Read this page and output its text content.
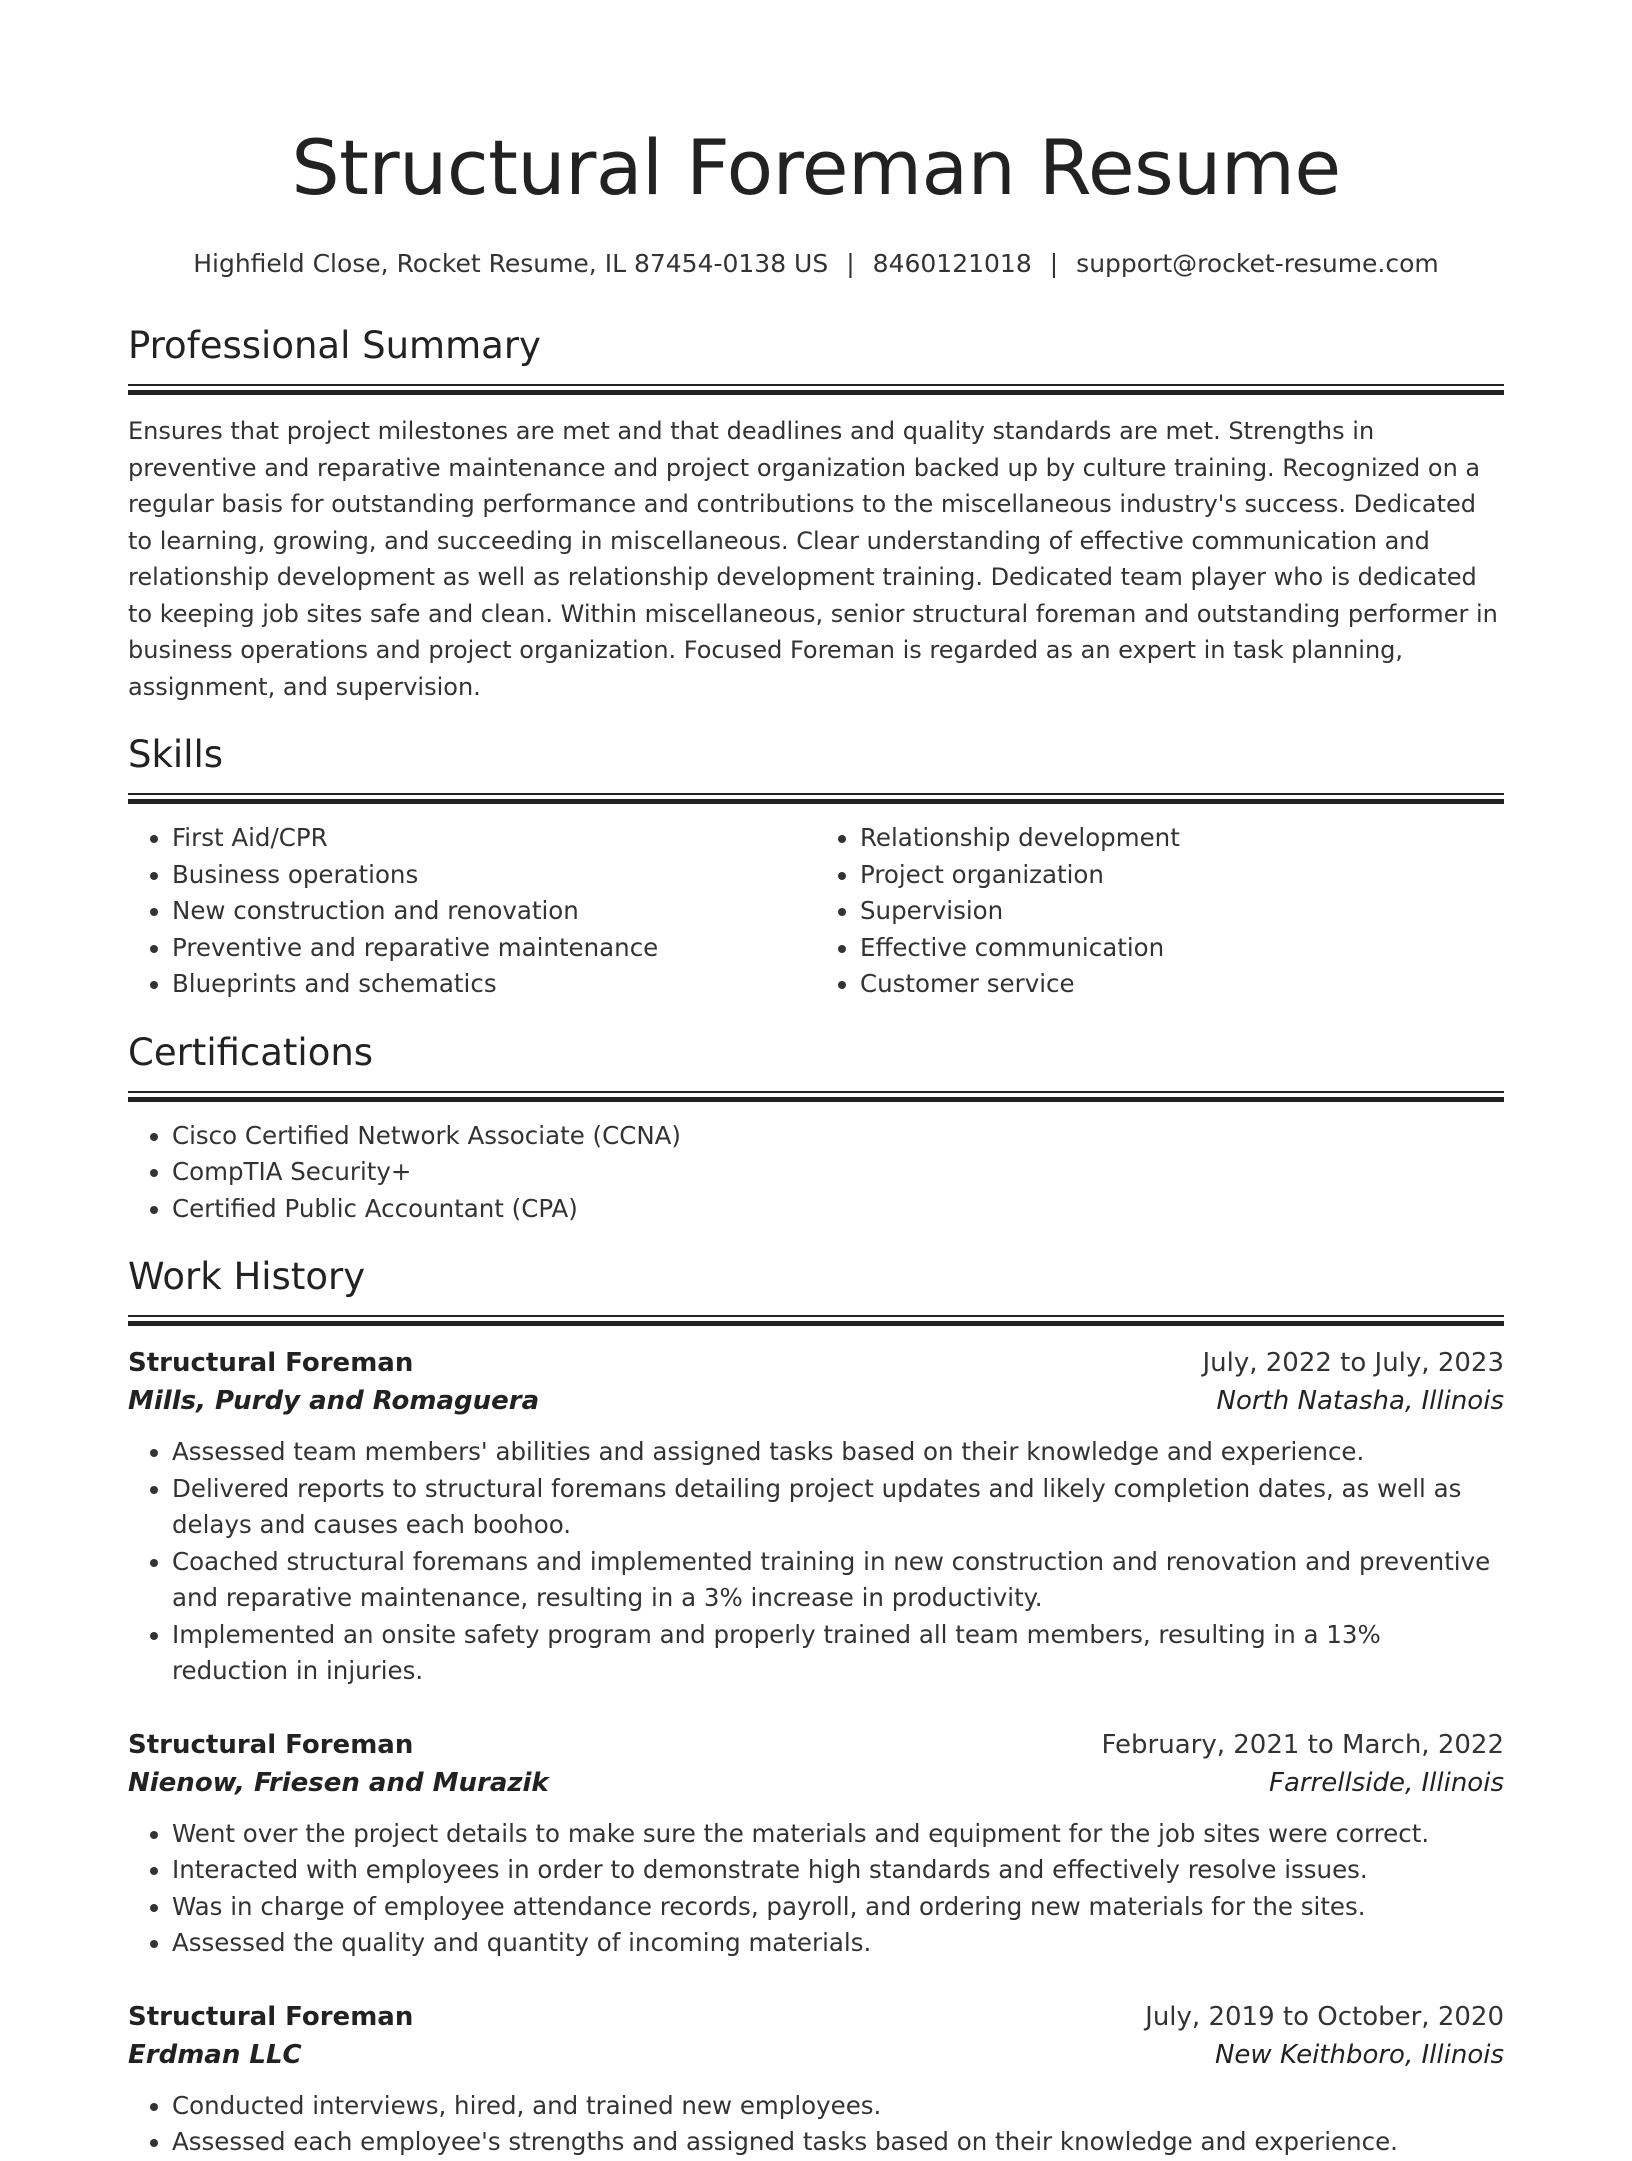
Structural Foreman Resume
Highfield Close, Rocket Resume, IL 87454-0138 US | 8460121018 | support@rocket-resume.com
Professional Summary

Ensures that project milestones are met and that deadlines and quality standards are met. Strengths in preventive and reparative maintenance and project organization backed up by culture training. Recognized on a regular basis for outstanding performance and contributions to the miscellaneous industry's success. Dedicated to learning, growing, and succeeding in miscellaneous. Clear understanding of effective communication and relationship development as well as relationship development training. Dedicated team player who is dedicated to keeping job sites safe and clean. Within miscellaneous, senior structural foreman and outstanding performer in business operations and project organization. Focused Foreman is regarded as an expert in task planning, assignment, and supervision.

Skills
• First Aid/CPR
• Business operations
• New construction and renovation
• Preventive and reparative maintenance
• Blueprints and schematics
• Relationship development
• Project organization
• Supervision
• Effective communication
• Customer service
Certifications
• Cisco Certified Network Associate (CCNA)
• CompTIA Security+
• Certified Public Accountant (CPA)
Work History
Structural Foreman	July, 2022 to July, 2023
Mills, Purdy and Romaguera	North Natasha, Illinois
• Assessed team members' abilities and assigned tasks based on their knowledge and experience.
• Delivered reports to structural foremans detailing project updates and likely completion dates, as well as delays and causes each boohoo.
• Coached structural foremans and implemented training in new construction and renovation and preventive and reparative maintenance, resulting in a 3% increase in productivity.
• Implemented an onsite safety program and properly trained all team members, resulting in a 13% reduction in injuries.
Structural Foreman	February, 2021 to March, 2022
Nienow, Friesen and Murazik	Farrellside, Illinois
• Went over the project details to make sure the materials and equipment for the job sites were correct.
• Interacted with employees in order to demonstrate high standards and effectively resolve issues.
• Was in charge of employee attendance records, payroll, and ordering new materials for the sites.
• Assessed the quality and quantity of incoming materials.
Structural Foreman	July, 2019 to October, 2020
Erdman LLC	New Keithboro, Illinois
• Conducted interviews, hired, and trained new employees.
• Assessed each employee's strengths and assigned tasks based on their knowledge and experience.
